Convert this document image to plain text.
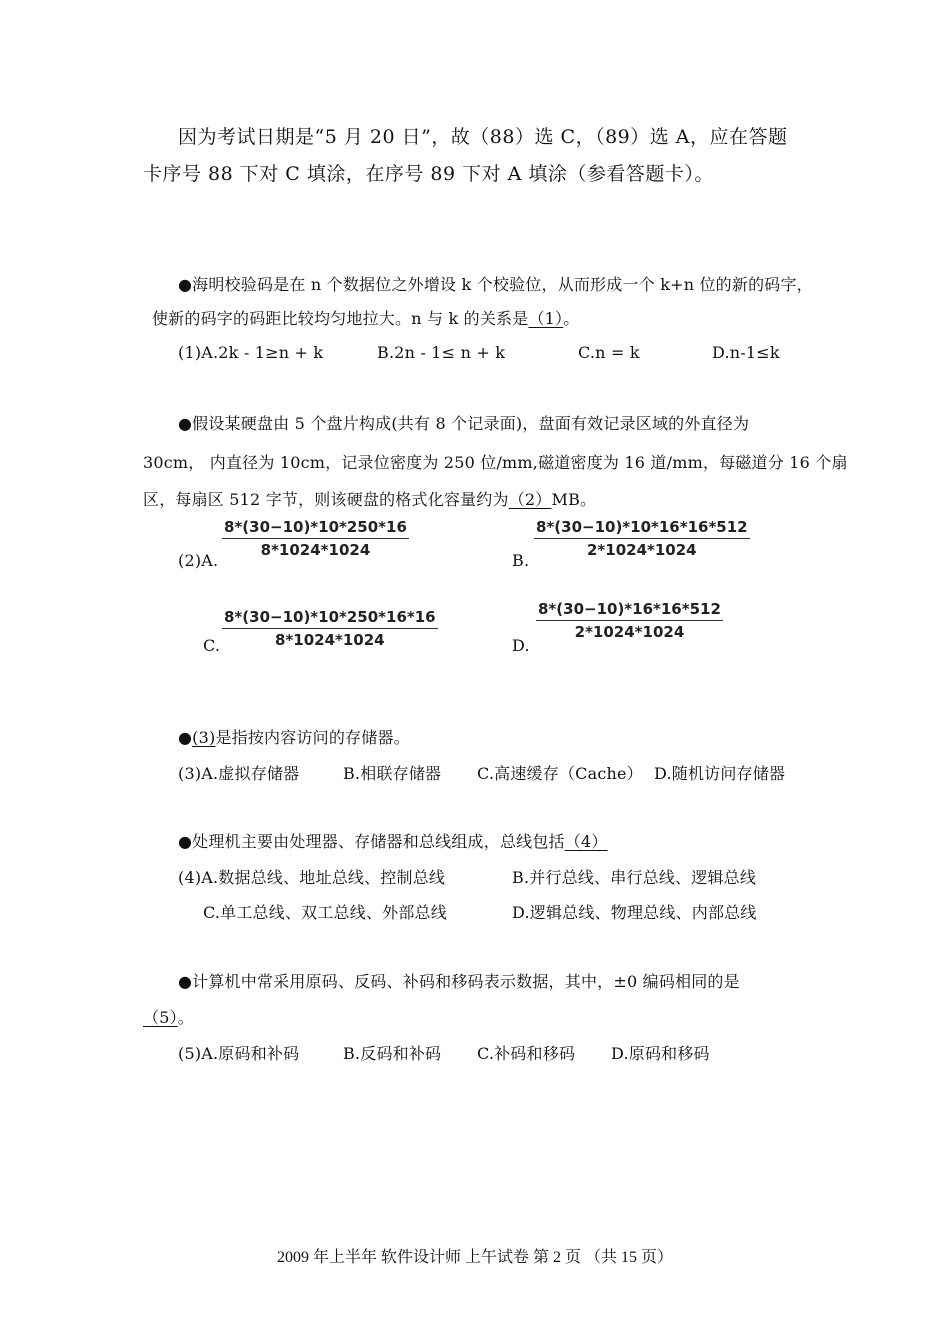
因为考试日期是“5 月 20 日”，故（88）选 C，（89）选 A，应在答题
卡序号 88 下对 C 填涂，在序号 89 下对 A 填涂（参看答题卡）。
●海明校验码是在 n 个数据位之外增设 k 个校验位，从而形成一个 k+n 位的新的码字，
使新的码字的码距比较均匀地拉大。n 与 k 的关系是（1）。
(1)A.2k - 1≥n + k	B.2n - 1≤ n + k	C.n = k	D.n-1≤k
●假设某硬盘由 5 个盘片构成(共有 8 个记录面)，盘面有效记录区域的外直径为
30cm， 内直径为 10cm，记录位密度为 250 位/mm,磁道密度为 16 道/mm，每磁道分 16 个扇
区，每扇区 512 字节，则该硬盘的格式化容量约为（2）MB。
(2)A.
$\frac{8*(30-10)*10*250*16}{8*1024*1024}$
B.
$\frac{8*(30-10)*10*16*16*512}{2*1024*1024}$
C. $\frac{8*(30-10)*10*250*16*16}{8*1024*1024}$	D.
$\frac{8*(30-10)*16*16*512}{2*1024*1024}$
●(3)是指按内容访问的存储器。
(3)A.虚拟存储器	B.相联存储器 C.高速缓存（Cache） D.随机访问存储器
●处理机主要由处理器、存储器和总线组成，总线包括（4）
(4)A.数据总线、地址总线、控制总线	B.并行总线、串行总线、逻辑总线
C.单工总线、双工总线、外部总线	D.逻辑总线、物理总线、内部总线
●计算机中常采用原码、反码、补码和移码表示数据，其中，±0 编码相同的是
（5）。
(5)A.原码和补码	B.反码和补码 C.补码和移码 D.原码和移码
2009 年上半年 软件设计师 上午试卷 第 2 页 （共 15 页）
